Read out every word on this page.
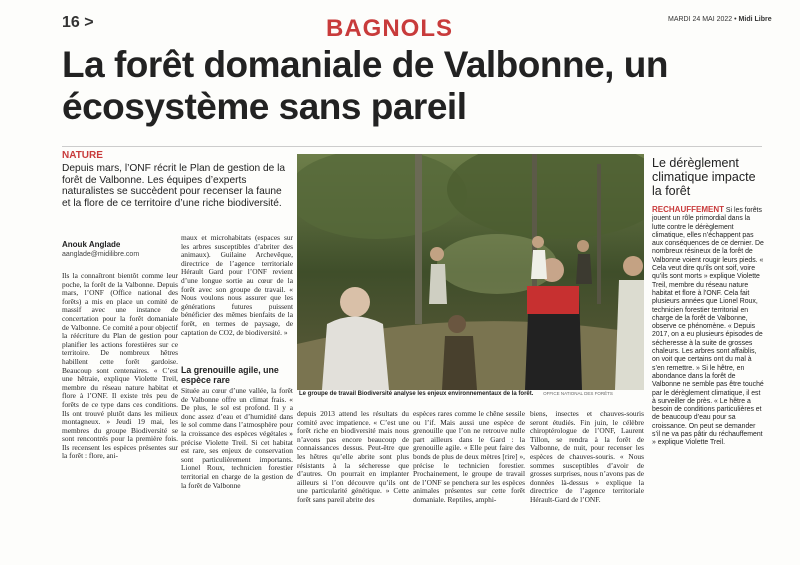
16 >	BAGNOLS	MARDI 24 MAI 2022 • Midi Libre
La forêt domaniale de Valbonne, un écosystème sans pareil
NATURE

Depuis mars, l’ONF récrit le Plan de gestion de la forêt de Valbonne. Les équipes d’experts naturalistes se succèdent pour recenser la faune et la flore de ce territoire d’une riche biodiversité.

Anouk Anglade
aanglade@midilibre.com

Ils la connaîtront bientôt comme leur poche, la forêt de la Valbonne. Depuis mars, l’ONF (Office national des forêts) a mis en place un comité de massif avec une instance de concertation pour la forêt domaniale de Valbonne. Ce comité a pour objectif la réécriture du Plan de gestion pour planifier les actions forestières sur ce territoire. De nombreux hêtres habillent cette forêt gardoise. Beaucoup sont centenaires. « C’est une hêtraie, explique Violette Treil, membre du réseau nature habitat et flore à l’ONF. Il existe très peu de forêts de ce type dans ces conditions. Ils ont trouvé plutôt dans les milieux montagneux. » Jeudi 19 mai, les membres du groupe Biodiversité se sont rencontrés pour la première fois. Ils recensent les espèces présentes sur la forêt : flore, ani-

maux et microhabitats (espaces sur les arbres susceptibles d’abriter des animaux). Guilaine Archevêque, directrice de l’agence territoriale Hérault Gard pour l’ONF revient d’une longue sortie au cœur de la forêt avec son groupe de travail. « Nous voulons nous assurer que les générations futures puissent bénéficier des mêmes bienfaits de la forêt, en termes de paysage, de captation de CO2, de biodiversité. »

La grenouille agile, une espèce rare

Située au cœur d’une vallée, la forêt de Valbonne offre un climat frais. « De plus, le sol est profond. Il y a donc assez d’eau et d’humidité dans le sol comme dans l’atmosphère pour la croissance des espèces végétales » précise Violette Treil. Si cet habitat est rare, ses enjeux de conservation sont particulièrement importants. Lionel Roux, technicien forestier territorial en charge de la gestion de la forêt de Valbonne

depuis 2013 attend les résultats du comité avec impatience. « C’est une forêt riche en biodiversité mais nous n’avons pas encore beaucoup de connaissances dessus. Peut-être que les hêtres qu’elle abrite sont plus résistants à la sécheresse que d’autres. On pourrait en implanter ailleurs si l’on découvre qu’ils ont une particularité génétique. » Cette forêt sans pareil abrite des

espèces rares comme le chêne sessile ou l’if. Mais aussi une espèce de grenouille que l’on ne retrouve nulle part ailleurs dans le Gard : la grenouille agile. « Elle peut faire des bonds de plus de deux mètres [rire] », précise le technicien forestier. Prochainement, le groupe de travail de l’ONF se penchera sur les espèces animales présentes sur cette forêt domaniale. Reptiles, amphi-

biens, insectes et chauves-souris seront étudiés. Fin juin, le célèbre chiroptérologue de l’ONF, Laurent Tillon, se rendra à la forêt de Valbonne, de nuit, pour recenser les espèces de chauves-souris. « Nous sommes susceptibles d’avoir de grosses surprises, nous n’avons pas de données là-dessus » explique la directrice de l’agence territoriale Hérault-Gard de l’ONF.

Le groupe de travail Biodiversité analyse les enjeux environnementaux de la forêt. OFFICE NATIONAL DES FORÊTS
Le dérèglement climatique impacte la forêt
RÉCHAUFFEMENT Si les forêts jouent un rôle primordial dans la lutte contre le dérèglement climatique, elles n’échappent pas aux conséquences de ce dernier. De nombreux résineux de la forêt de Valbonne voient rougir leurs pieds. « Cela veut dire qu’ils ont soif, voire qu’ils sont morts » explique Violette Treil, membre du réseau nature habitat et flore à l’ONF. Cela fait plusieurs années que Lionel Roux, technicien forestier territorial en charge de la forêt de Valbonne, observe ce phénomène. « Depuis 2017, on a eu plusieurs épisodes de sécheresse à la suite de grosses chaleurs. Les arbres sont affaiblis, on voit que certains ont du mal à s’en remettre. » Si le hêtre, en abondance dans la forêt de Valbonne ne semble pas être touché par le dérèglement climatique, il est à surveiller de près. « Le hêtre a besoin de conditions particulières et de beaucoup d’eau pour sa croissance. On peut se demander s’il ne va pas pâtir du réchauffement » explique Violette Treil.
